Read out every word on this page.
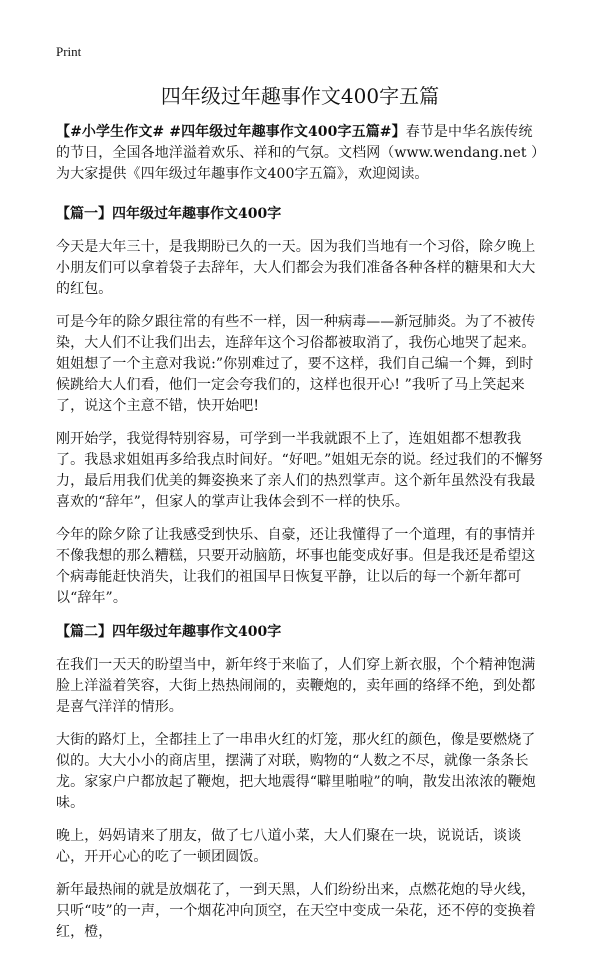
Print
四年级过年趣事作文400字五篇

【#小学生作文# #四年级过年趣事作文400字五篇#】春节是中华名族传统的节日，全国各地洋溢着欢乐、祥和的气氛。文档网（www.wendang.net ）为大家提供《四年级过年趣事作文400字五篇》，欢迎阅读。

【篇一】四年级过年趣事作文400字

今天是大年三十，是我期盼已久的一天。因为我们当地有一个习俗，除夕晚上小朋友们可以拿着袋子去辞年，大人们都会为我们准备各种各样的糖果和大大的红包。

可是今年的除夕跟往常的有些不一样，因一种病毒——新冠肺炎。为了不被传染，大人们不让我们出去，连辞年这个习俗都被取消了，我伤心地哭了起来。姐姐想了一个主意对我说:”你别难过了，要不这样，我们自己编一个舞，到时候跳给大人们看，他们一定会夸我们的，这样也很开心! ”我听了马上笑起来了，说这个主意不错，快开始吧!

刚开始学，我觉得特别容易，可学到一半我就跟不上了，连姐姐都不想教我了。我恳求姐姐再多给我点时间好。“好吧。”姐姐无奈的说。经过我们的不懈努力，最后用我们优美的舞姿换来了亲人们的热烈掌声。这个新年虽然没有我最喜欢的“辞年”，但家人的掌声让我体会到不一样的快乐。

今年的除夕除了让我感受到快乐、自豪，还让我懂得了一个道理，有的事情并不像我想的那么糟糕，只要开动脑筋，坏事也能变成好事。但是我还是希望这个病毒能赶快消失，让我们的祖国早日恢复平静，让以后的每一个新年都可以“辞年”。

【篇二】四年级过年趣事作文400字

在我们一天天的盼望当中，新年终于来临了，人们穿上新衣服，个个精神饱满脸上洋溢着笑容，大街上热热闹闹的，卖鞭炮的，卖年画的络绎不绝，到处都是喜气洋洋的情形。

大街的路灯上，全都挂上了一串串火红的灯笼，那火红的颜色，像是要燃烧了似的。大大小小的商店里，摆满了对联，购物的“人数之不尽，就像一条条长龙。家家户户都放起了鞭炮，把大地震得“噼里啪啦”的响，散发出浓浓的鞭炮味。

晚上，妈妈请来了朋友，做了七八道小菜，大人们聚在一块，说说话，谈谈心，开开心心的吃了一顿团圆饭。

新年最热闹的就是放烟花了，一到天黑，人们纷纷出来，点燃花炮的导火线，只听“吱”的一声，一个烟花冲向顶空，在天空中变成一朵花，还不停的变换着红，橙，
